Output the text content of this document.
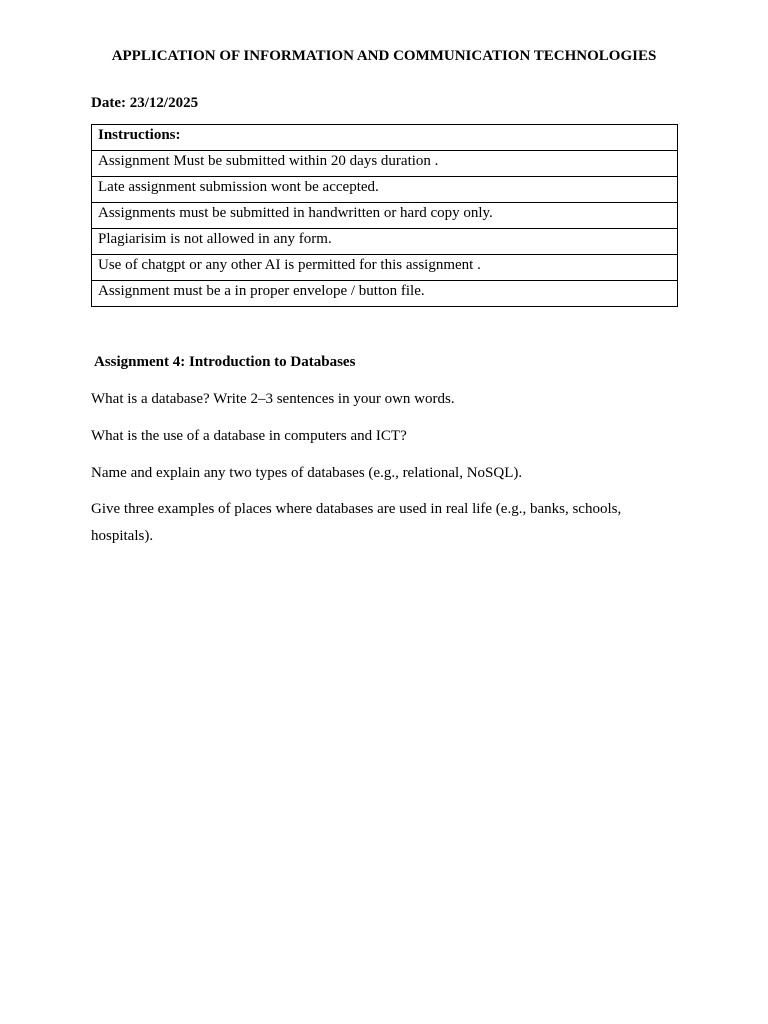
APPLICATION OF INFORMATION AND COMMUNICATION TECHNOLOGIES

Date: 23/12/2025

Instructions:
Assignment Must be submitted within 20 days duration .
Late assignment submission wont be accepted.
Assignments must be submitted in handwritten or hard copy only.
Plagiarisim is not allowed in any form.
Use of chatgpt or any other AI is permitted for this assignment .
Assignment must be a in proper envelope / button file.

Assignment 4: Introduction to Databases

What is a database? Write 2–3 sentences in your own words.

What is the use of a database in computers and ICT?

Name and explain any two types of databases (e.g., relational, NoSQL).

Give three examples of places where databases are used in real life (e.g., banks, schools, hospitals).
